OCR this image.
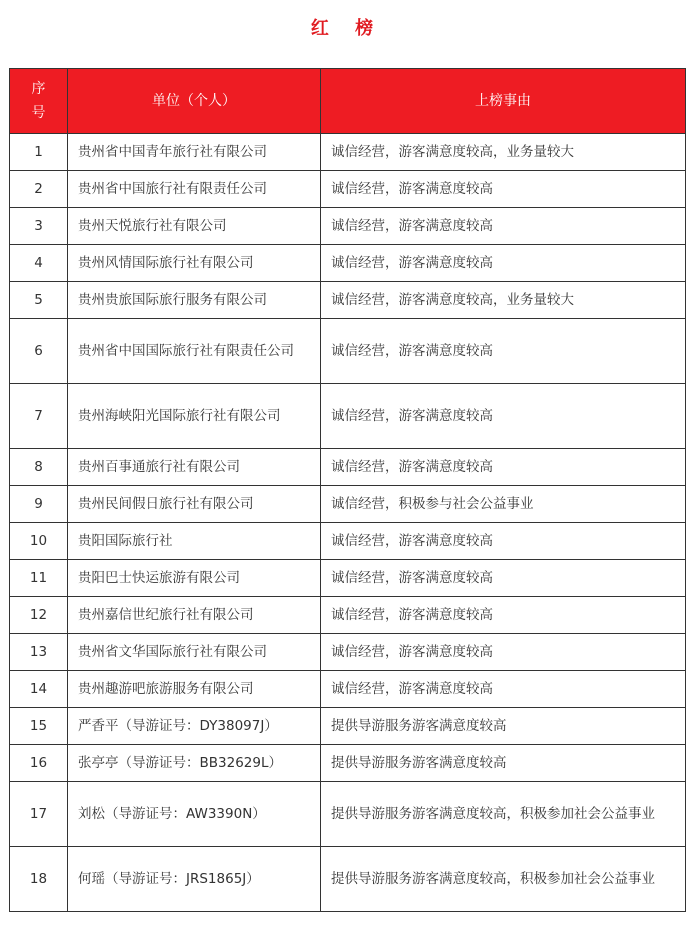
红 榜
序号	单位（个人）	上榜事由
1	贵州省中国青年旅行社有限公司	诚信经营，游客满意度较高，业务量较大
2	贵州省中国旅行社有限责任公司	诚信经营，游客满意度较高
3	贵州天悦旅行社有限公司	诚信经营，游客满意度较高
4	贵州风情国际旅行社有限公司	诚信经营，游客满意度较高
5	贵州贵旅国际旅行服务有限公司	诚信经营，游客满意度较高，业务量较大
6	贵州省中国国际旅行社有限责任公司	诚信经营，游客满意度较高
7	贵州海峡阳光国际旅行社有限公司	诚信经营，游客满意度较高
8	贵州百事通旅行社有限公司	诚信经营，游客满意度较高
9	贵州民间假日旅行社有限公司	诚信经营，积极参与社会公益事业
10	贵阳国际旅行社	诚信经营，游客满意度较高
11	贵阳巴士快运旅游有限公司	诚信经营，游客满意度较高
12	贵州嘉信世纪旅行社有限公司	诚信经营，游客满意度较高
13	贵州省文华国际旅行社有限公司	诚信经营，游客满意度较高
14	贵州趣游吧旅游服务有限公司	诚信经营，游客满意度较高
15	严香平（导游证号：DY38097J）	提供导游服务游客满意度较高
16	张亭亭（导游证号：BB32629L）	提供导游服务游客满意度较高
17	刘松（导游证号：AW3390N）	提供导游服务游客满意度较高，积极参加社会公益事业
18	何瑶（导游证号：JRS1865J）	提供导游服务游客满意度较高，积极参加社会公益事业
